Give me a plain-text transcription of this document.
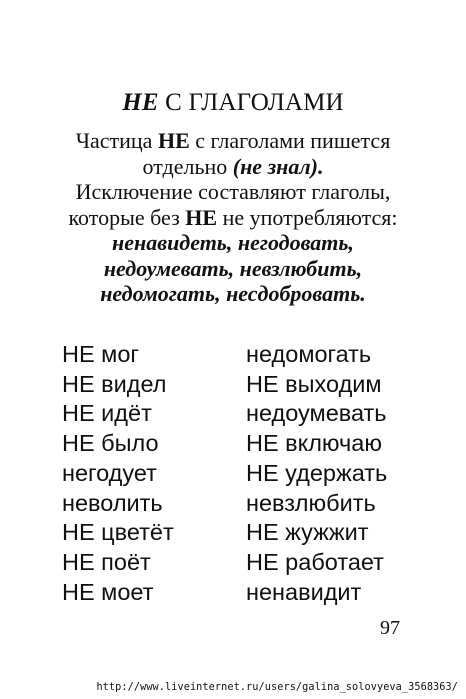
НЕ С ГЛАГОЛАМИ
Частица НЕ с глаголами пишется
отдельно (не знал).
Исключение составляют глаголы,
которые без НЕ не употребляются:
ненавидеть, негодовать,
недоумевать, невзлюбить,
недомогать, несдобровать.
НЕ мог
НЕ видел
НЕ идёт
НЕ было
негодует
неволить
НЕ цветёт
НЕ поёт
НЕ моет
недомогать
НЕ выходим
недоумевать
НЕ включаю
НЕ удержать
невзлюбить
НЕ жужжит
НЕ работает
ненавидит
97
http://www.liveinternet.ru/users/galina_solovyeva_3568363/
